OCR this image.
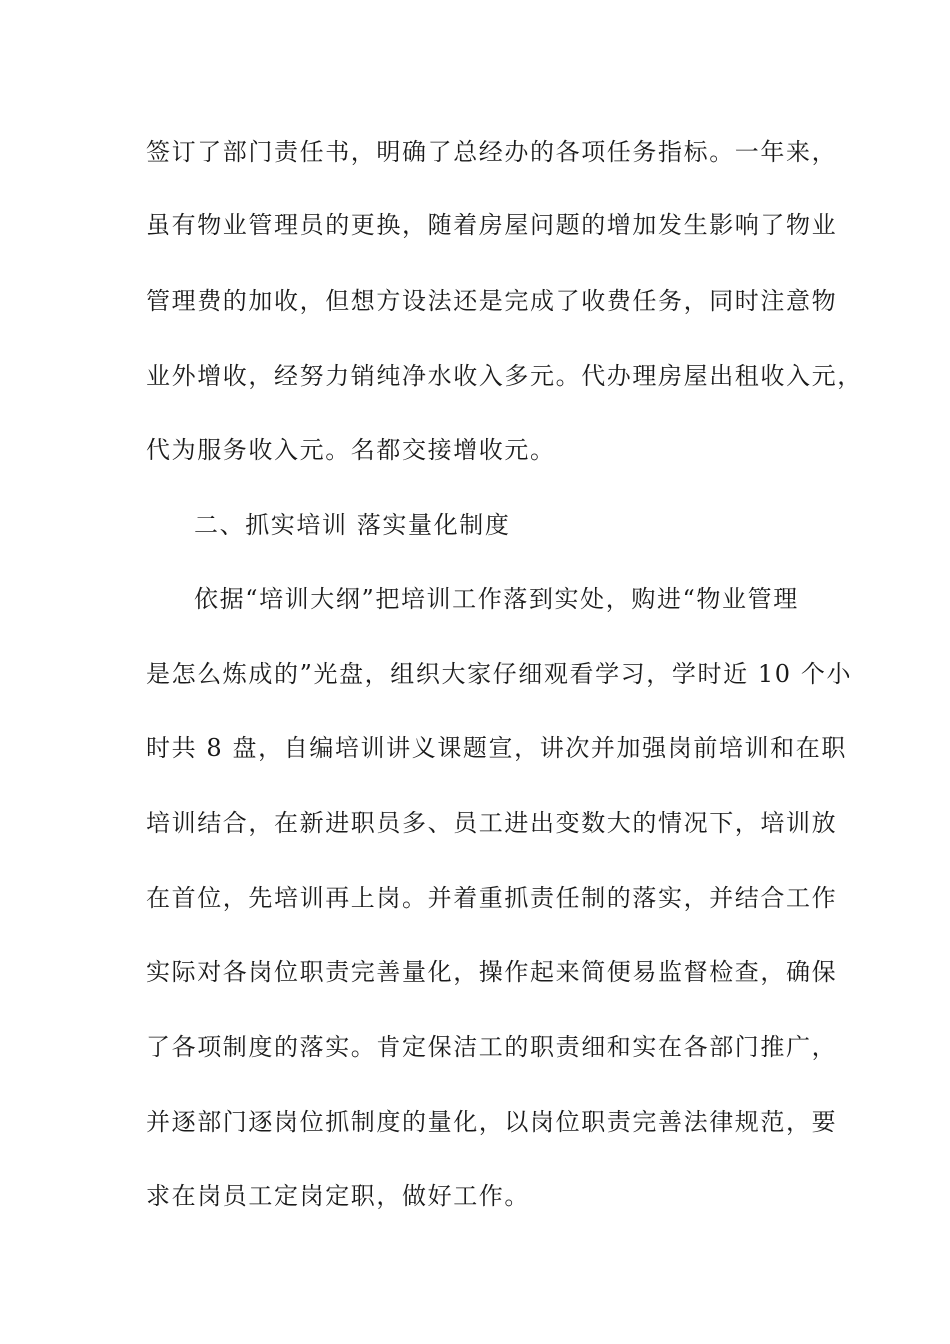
签订了部门责任书，明确了总经办的各项任务指标。一年来，
虽有物业管理员的更换，随着房屋问题的增加发生影响了物业
管理费的加收，但想方设法还是完成了收费任务，同时注意物
业外增收，经努力销纯净水收入多元。代办理房屋出租收入元，
代为服务收入元。名都交接增收元。
二、抓实培训 落实量化制度
依据“培训大纲”把培训工作落到实处，购进“物业管理
是怎么炼成的”光盘，组织大家仔细观看学习，学时近 10 个小
时共 8 盘，自编培训讲义课题宣，讲次并加强岗前培训和在职
培训结合，在新进职员多、员工进出变数大的情况下，培训放
在首位，先培训再上岗。并着重抓责任制的落实，并结合工作
实际对各岗位职责完善量化，操作起来简便易监督检查，确保
了各项制度的落实。肯定保洁工的职责细和实在各部门推广，
并逐部门逐岗位抓制度的量化，以岗位职责完善法律规范，要
求在岗员工定岗定职，做好工作。
